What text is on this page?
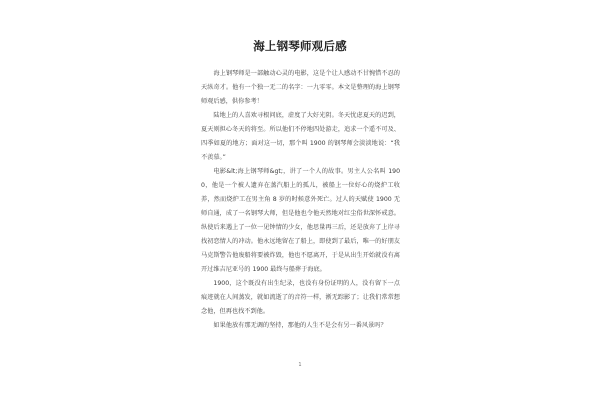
海上钢琴师观后感

海上钢琴师是一部触动心灵的电影，这是个让人感动不甘惋惜不忍的天纵奇才。他有一个独一无二的名字：一九零零。本文是整理的海上钢琴师观后感，供你参考！

陆地上的人喜欢寻根问底，虚度了大好光阴。冬天忧虑夏天的迟到，夏天则担心冬天的将至。所以他们不停地四处游走，追求一个遥不可及、四季如夏的地方；面对这一切，那个叫 1900 的钢琴师会淡淡地说：“我不羡慕。”

电影&lt;海上钢琴师&gt;，讲了一个人的故事。男主人公名叫 1900，他是一个被人遗弃在蒸汽船上的孤儿，被船上一位好心的烧炉工收养，然而烧炉工在男主角 8 岁的时候意外死亡。过人的天赋使 1900 无师自通，成了一名钢琴大师，但是他也令他天然地对红尘俗世深怀戒意。纵使后来遇上了一位一见钟情的少女，他思量再三后，还是放弃了上岸寻找初恋情人的冲动。他永远地留在了船上，即使到了最后，唯一的好朋友马克斯警告他废船将要被炸毁，他也不愿离开，于是从出生开始就没有离开过维吉尼亚号的 1900 最终与船葬于海底。

1900，这个既没有出生纪录，也没有身份证明的人，没有留下一点痕迹就在人间蒸发，就如流逝了的音符一样，淅无踪影了；让我们常常想念他，但再也找不到他。

如果他放有那无调的坚持，那他的人生不是会有另一番风景吗？

1
